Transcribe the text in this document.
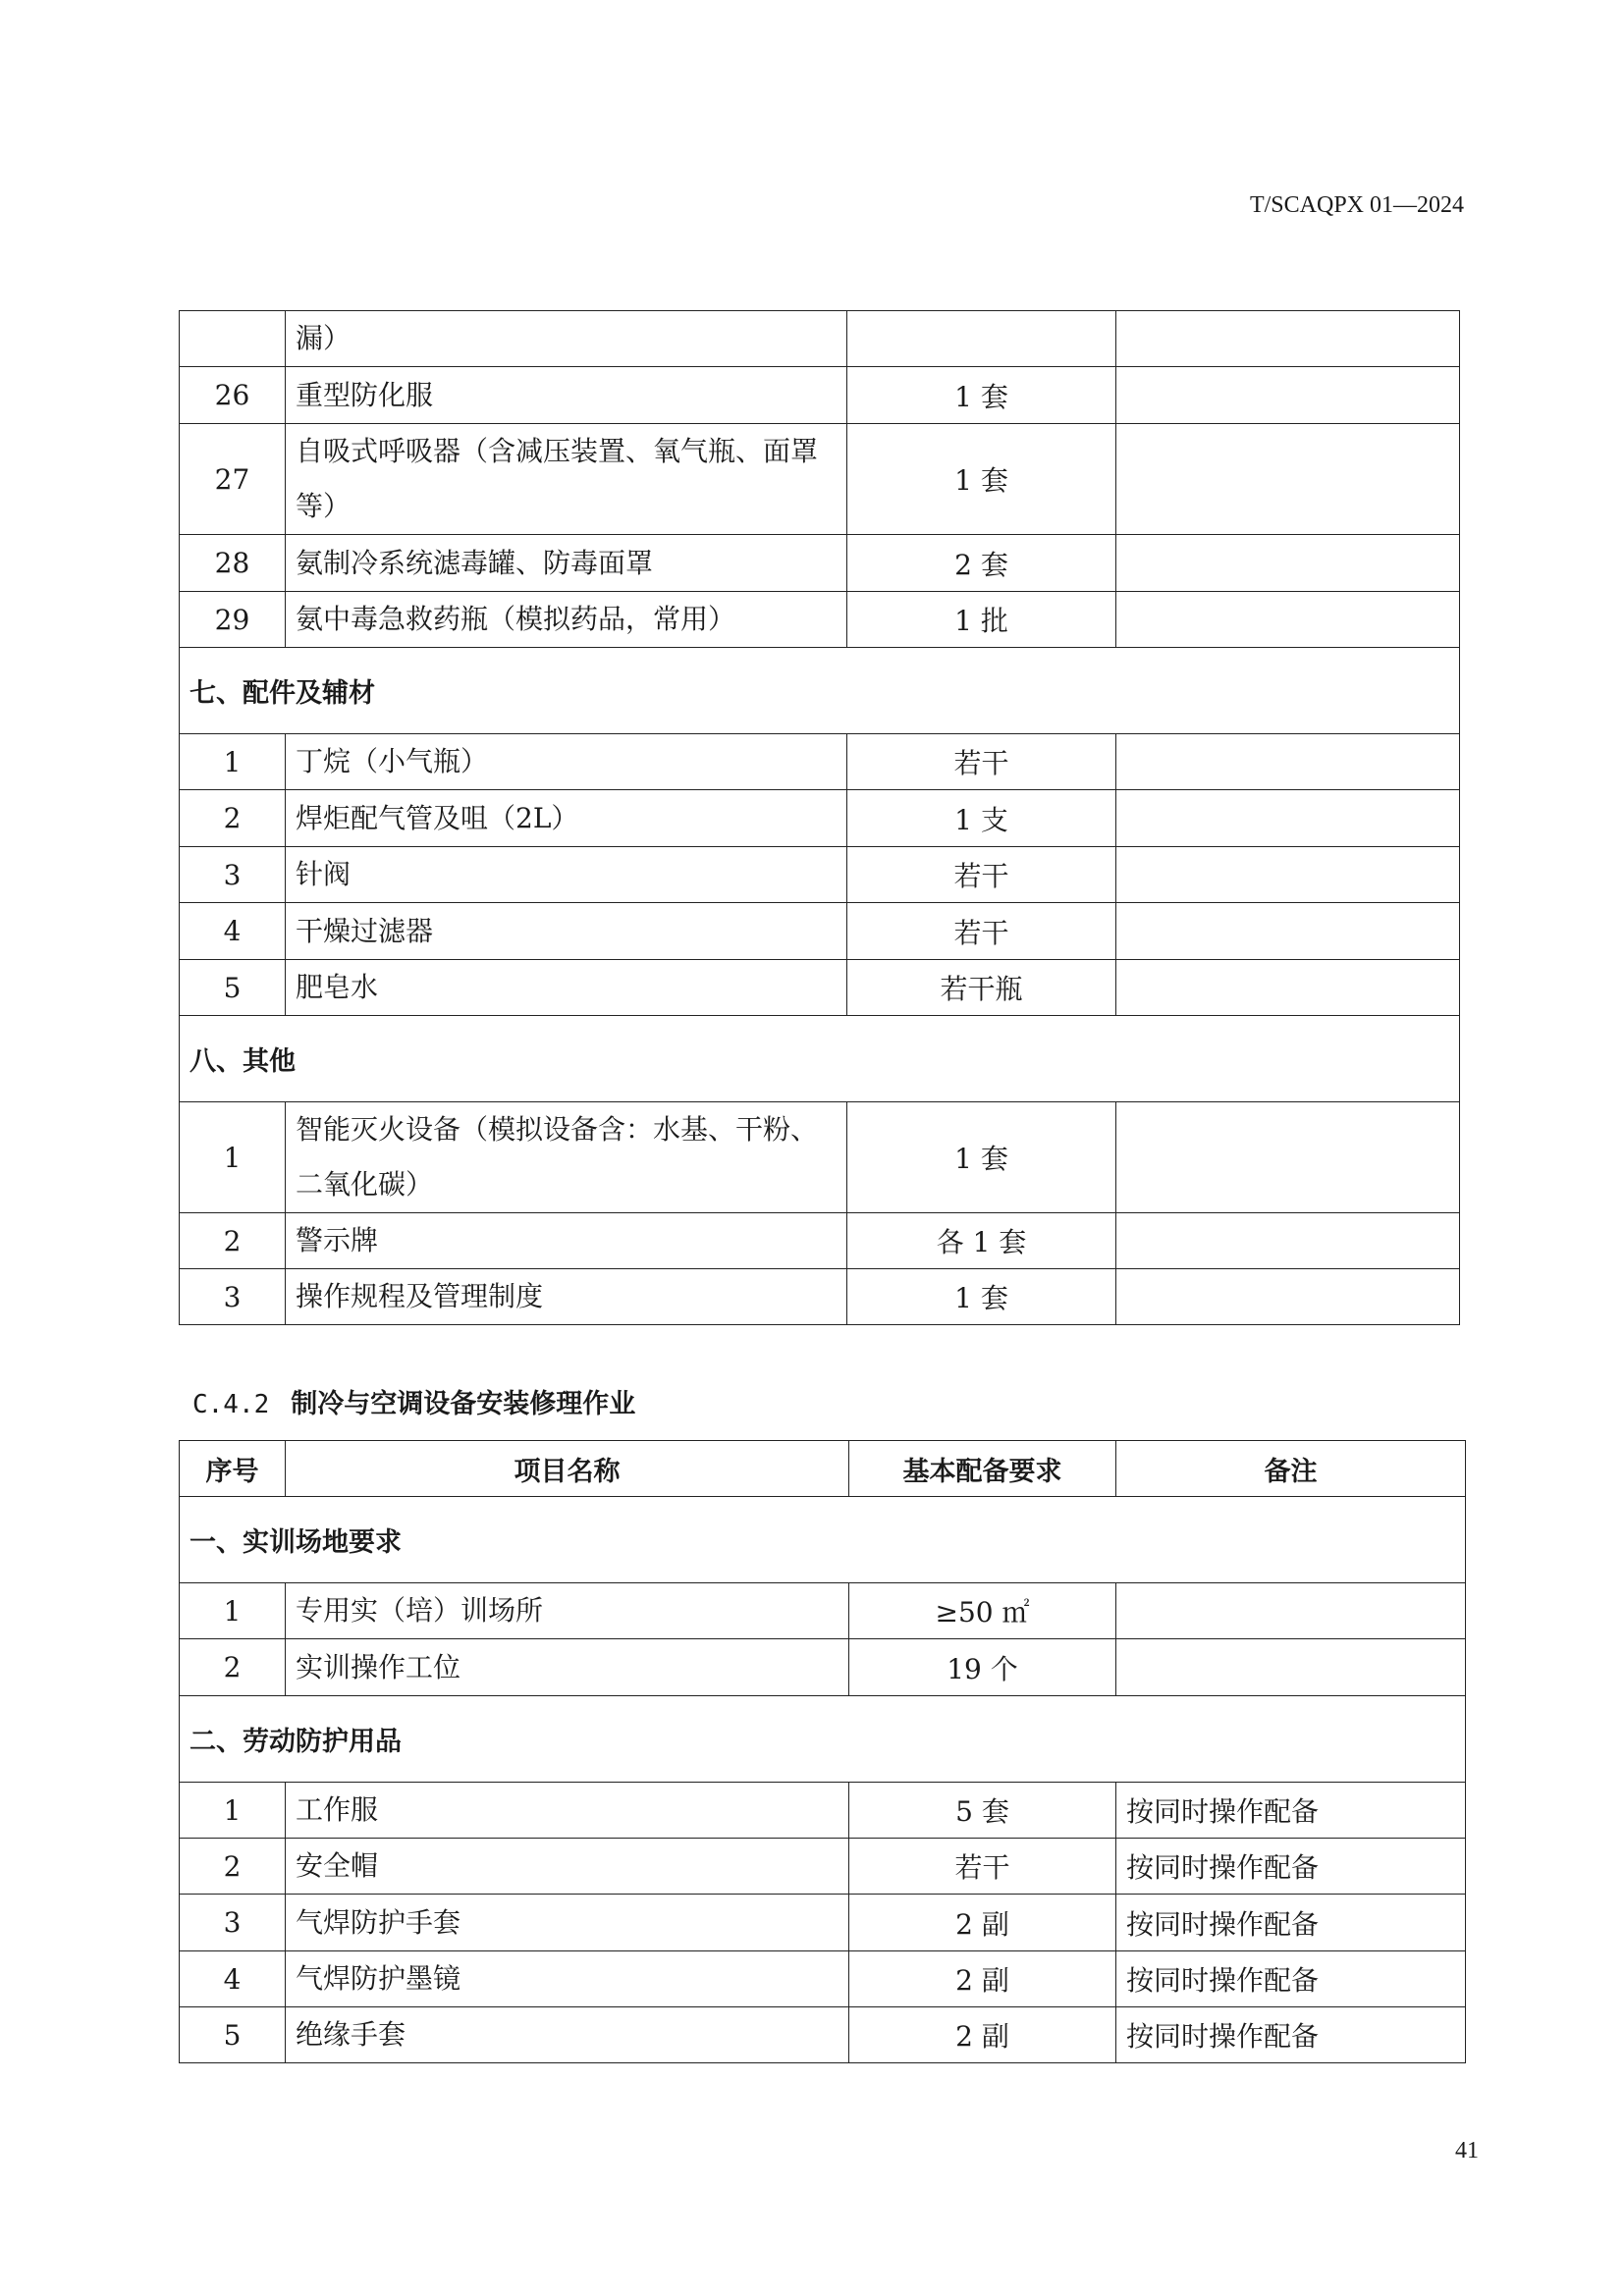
T/SCAQPX 01—2024
	漏）		
26	重型防化服	1 套	
27	自吸式呼吸器（含减压装置、氧气瓶、面罩等）	1 套	
28	氨制冷系统滤毒罐、防毒面罩	2 套	
29	氨中毒急救药瓶（模拟药品，常用）	1 批	
七、配件及辅材			
1	丁烷（小气瓶）	若干	
2	焊炬配气管及咀（2L）	1 支	
3	针阀	若干	
4	干燥过滤器	若干	
5	肥皂水	若干瓶	
八、其他			
1	智能灭火设备（模拟设备含：水基、干粉、二氧化碳）	1 套	
2	警示牌	各 1 套	
3	操作规程及管理制度	1 套	
C.4.2 制冷与空调设备安装修理作业
序号	项目名称	基本配备要求	备注
一、实训场地要求			
1	专用实（培）训场所	≥50 ㎡	
2	实训操作工位	19 个	
二、劳动防护用品			
1	工作服	5 套	按同时操作配备
2	安全帽	若干	按同时操作配备
3	气焊防护手套	2 副	按同时操作配备
4	气焊防护墨镜	2 副	按同时操作配备
5	绝缘手套	2 副	按同时操作配备
41
